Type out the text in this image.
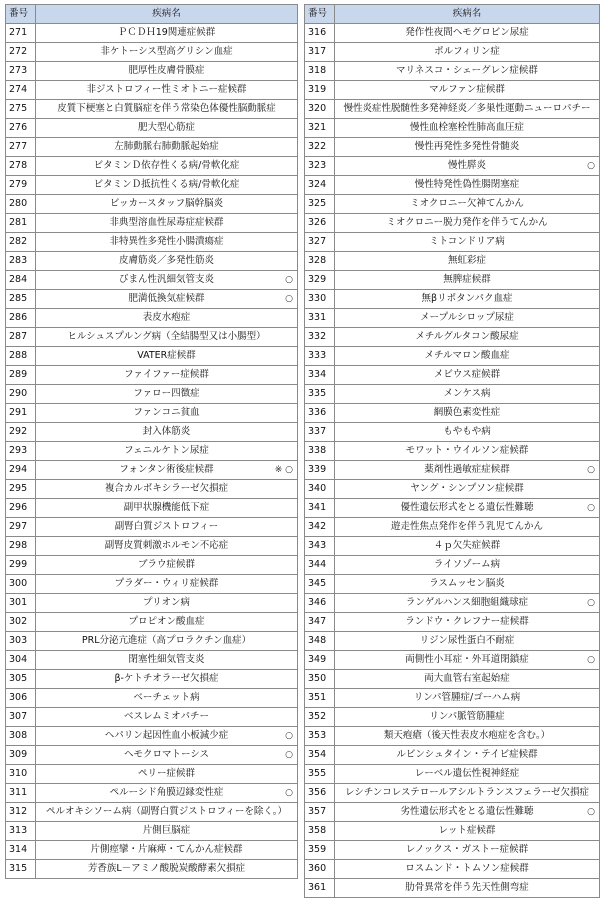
番号	疾病名
271	ＰＣＤＨ19関連症候群
272	非ケトーシス型高グリシン血症
273	肥厚性皮膚骨膜症
274	非ジストロフィー性ミオトニー症候群
275	皮質下梗塞と白質脳症を伴う常染色体優性脳動脈症
276	肥大型心筋症
277	左肺動脈右肺動脈起始症
278	ビタミンＤ依存性くる病/骨軟化症
279	ビタミンＤ抵抗性くる病/骨軟化症
280	ビッカースタッフ脳幹脳炎
281	非典型溶血性尿毒症症候群
282	非特異性多発性小腸潰瘍症
283	皮膚筋炎／多発性筋炎
284	びまん性汎細気管支炎 ○

285	肥満低換気症候群 ○

286	表皮水疱症
287	ヒルシュスプルング病（全結腸型又は小腸型）
288	VATER症候群
289	ファイファー症候群
290	ファロー四徴症
291	ファンコニ貧血
292	封入体筋炎
293	フェニルケトン尿症
294	フォンタン術後症候群 ※ ○

295	複合カルボキシラーゼ欠損症
296	副甲状腺機能低下症
297	副腎白質ジストロフィー
298	副腎皮質刺激ホルモン不応症
299	ブラウ症候群
300	プラダー・ウィリ症候群
301	プリオン病
302	プロピオン酸血症
303	PRL分泌亢進症（高プロラクチン血症）
304	閉塞性細気管支炎
305	β-ケトチオラーゼ欠損症
306	ベーチェット病
307	ベスレムミオパチー
308	ヘパリン起因性血小板減少症 ○

309	ヘモクロマトーシス ○

310	ペリー症候群
311	ペルーシド角膜辺縁変性症 ○

312	ペルオキシソーム病（副腎白質ジストロフィーを除く。）
313	片側巨脳症
314	片側痙攣・片麻痺・てんかん症候群
315	芳香族L－アミノ酸脱炭酸酵素欠損症
番号	疾病名
316	発作性夜間ヘモグロビン尿症
317	ポルフィリン症
318	マリネスコ・シェーグレン症候群
319	マルファン症候群
320	慢性炎症性脱髄性多発神経炎／多巣性運動ニューロパチー
321	慢性血栓塞栓性肺高血圧症
322	慢性再発性多発性骨髄炎
323	慢性膵炎 ○

324	慢性特発性偽性腸閉塞症
325	ミオクロニー欠神てんかん
326	ミオクロニー脱力発作を伴うてんかん
327	ミトコンドリア病
328	無虹彩症
329	無脾症候群
330	無βリポタンパク血症
331	メープルシロップ尿症
332	メチルグルタコン酸尿症
333	メチルマロン酸血症
334	メビウス症候群
335	メンケス病
336	網膜色素変性症
337	もやもや病
338	モワット・ウイルソン症候群
339	薬剤性過敏症症候群 ○

340	ヤング・シンプソン症候群
341	優性遺伝形式をとる遺伝性難聴 ○

342	遊走性焦点発作を伴う乳児てんかん
343	４ｐ欠失症候群
344	ライソゾーム病
345	ラスムッセン脳炎
346	ランゲルハンス細胞組織球症 ○

347	ランドウ・クレフナー症候群
348	リジン尿性蛋白不耐症
349	両側性小耳症・外耳道閉鎖症 ○

350	両大血管右室起始症
351	リンパ管腫症/ゴーハム病
352	リンパ脈管筋腫症
353	類天疱瘡（後天性表皮水疱症を含む。）
354	ルビンシュタイン・テイビ症候群
355	レーベル遺伝性視神経症
356	レシチンコレステロールアシルトランスフェラーゼ欠損症
357	劣性遺伝形式をとる遺伝性難聴 ○

358	レット症候群
359	レノックス・ガストー症候群
360	ロスムンド・トムソン症候群
361	肋骨異常を伴う先天性側弯症
